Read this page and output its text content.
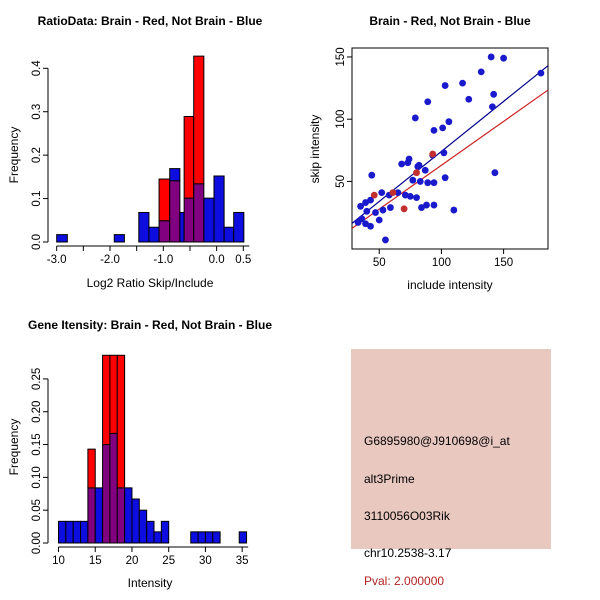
RatioData: Brain - Red, Not Brain - Blue
-3.0	-2.0	-1.0	0.0 0.5
0.0
0.1
0.2
0.3
0.4
Log2 Ratio Skip/Include
Frequency
Brain - Red, Not Brain - Blue
50	100	150
50
100
150
include intensity
skip intensity
Gene Itensity: Brain - Red, Not Brain - Blue
10 15 20 25 30 35
0.00
0.05
0.10
0.15
0.20
0.25
Intensity
Frequency	G6895980@J910698@i_at
alt3Prime
3110056O03Rik
chr10.2538-3.17
Pval: 2.000000
